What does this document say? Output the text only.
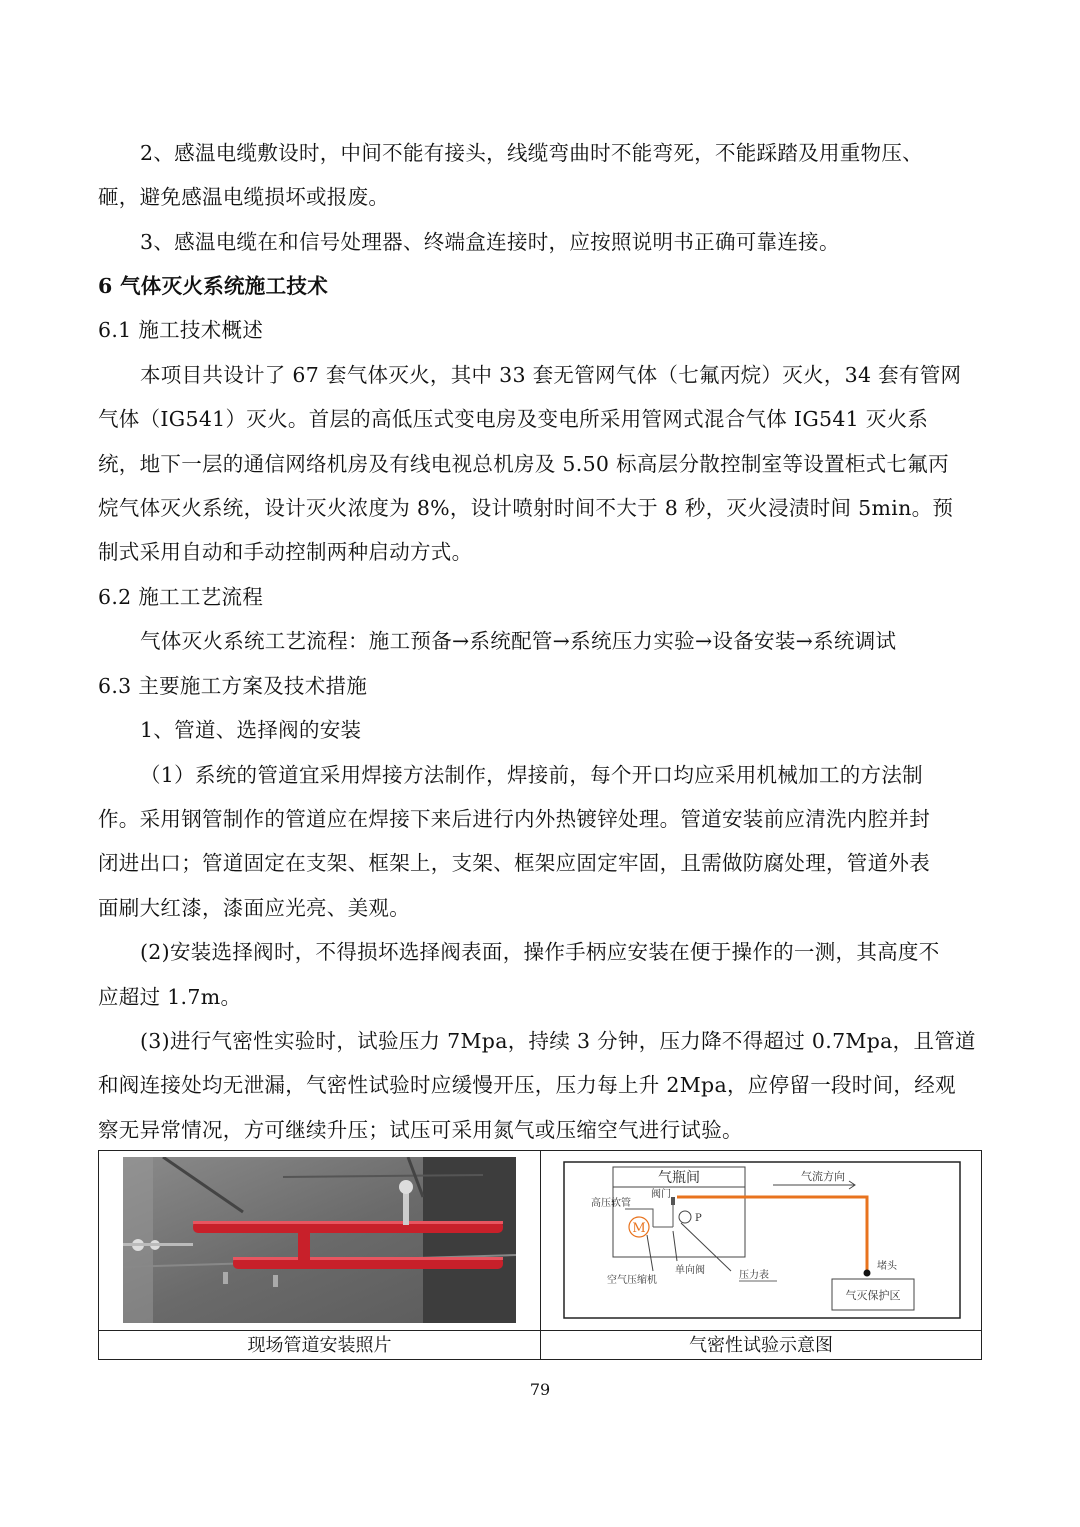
2、感温电缆敷设时，中间不能有接头，线缆弯曲时不能弯死，不能踩踏及用重物压、
砸，避免感温电缆损坏或报废。
3、感温电缆在和信号处理器、终端盒连接时，应按照说明书正确可靠连接。
6 气体灭火系统施工技术
6.1 施工技术概述
本项目共设计了 67 套气体灭火，其中 33 套无管网气体（七氟丙烷）灭火，34 套有管网
气体（IG541）灭火。首层的高低压式变电房及变电所采用管网式混合气体 IG541 灭火系
统，地下一层的通信网络机房及有线电视总机房及 5.50 标高层分散控制室等设置柜式七氟丙
烷气体灭火系统，设计灭火浓度为 8%，设计喷射时间不大于 8 秒，灭火浸渍时间 5min。预
制式采用自动和手动控制两种启动方式。
6.2 施工工艺流程
气体灭火系统工艺流程：施工预备→系统配管→系统压力实验→设备安装→系统调试
6.3 主要施工方案及技术措施
1、管道、选择阀的安装
（1）系统的管道宜采用焊接方法制作，焊接前，每个开口均应采用机械加工的方法制
作。采用钢管制作的管道应在焊接下来后进行内外热镀锌处理。管道安装前应清洗内腔并封
闭进出口；管道固定在支架、框架上，支架、框架应固定牢固，且需做防腐处理，管道外表
面刷大红漆，漆面应光亮、美观。
(2)安装选择阀时，不得损坏选择阀表面，操作手柄应安装在便于操作的一测，其高度不
应超过 1.7m。
(3)进行气密性实验时，试验压力 7Mpa，持续 3 分钟，压力降不得超过 0.7Mpa，且管道
和阀连接处均无泄漏，气密性试验时应缓慢开压，压力每上升 2Mpa，应停留一段时间，经观
察无异常情况，方可继续升压；试压可采用氮气或压缩空气进行试验。
气瓶间	气流方向
堵头
气灭保护区
阀门
高压软管
M
P
单向阀
空气压缩机	压力表
现场管道安装照片	气密性试验示意图
79
